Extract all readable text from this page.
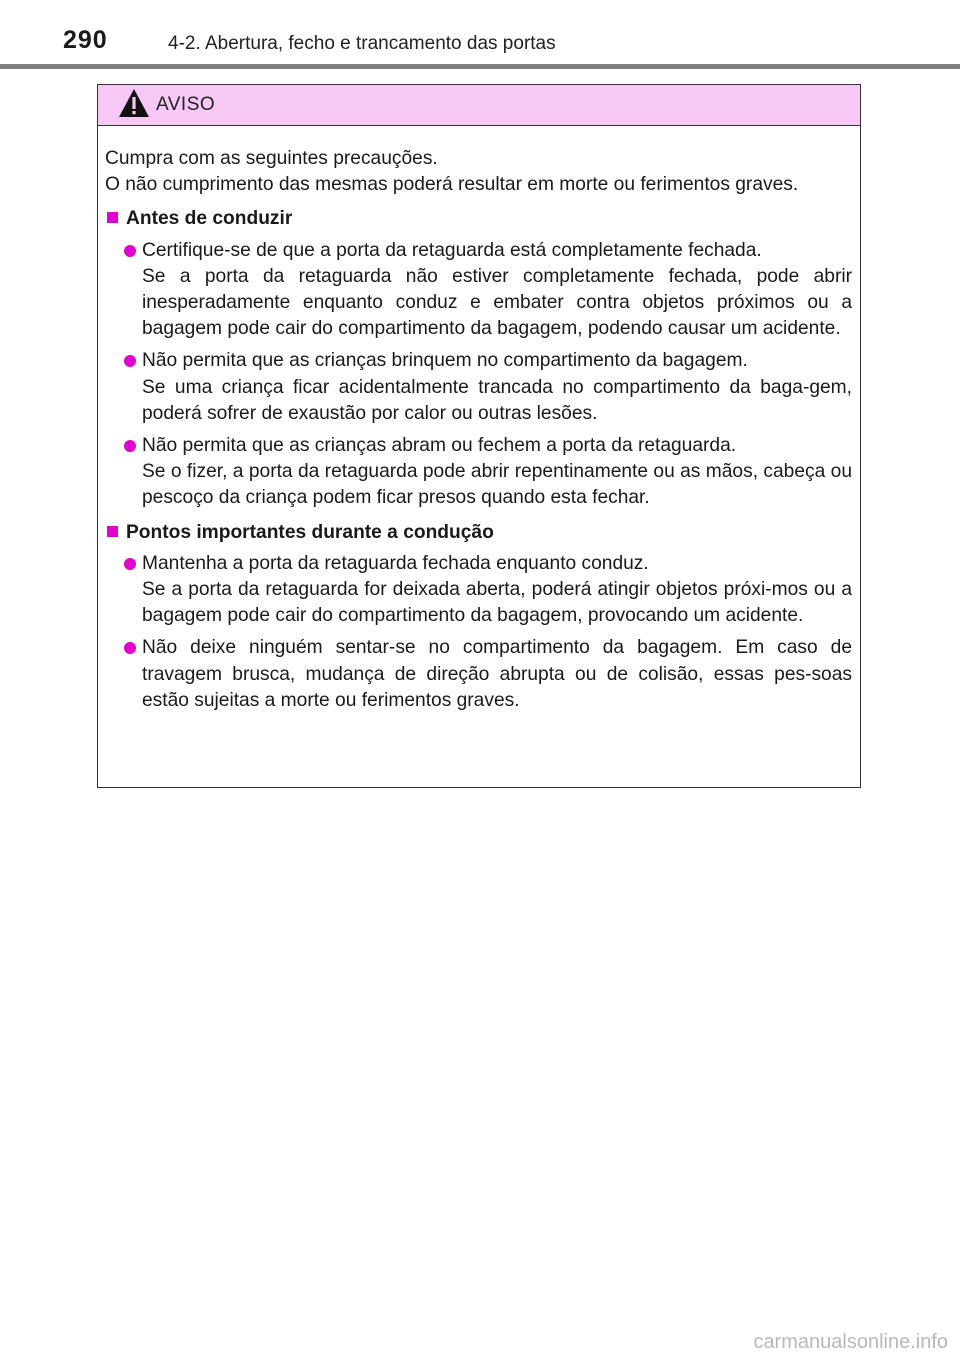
290	4-2. Abertura, fecho e trancamento das portas
AVISO

Cumpra com as seguintes precauções.

O não cumprimento das mesmas poderá resultar em morte ou ferimentos graves.

Antes de conduzir

Certifique-se de que a porta da retaguarda está completamente fechada.

Se a porta da retaguarda não estiver completamente fechada, pode abrir inesperadamente enquanto conduz e embater contra objetos próximos ou a bagagem pode cair do compartimento da bagagem, podendo causar um acidente.

Não permita que as crianças brinquem no compartimento da bagagem.

Se uma criança ficar acidentalmente trancada no compartimento da baga-gem, poderá sofrer de exaustão por calor ou outras lesões.

Não permita que as crianças abram ou fechem a porta da retaguarda.

Se o fizer, a porta da retaguarda pode abrir repentinamente ou as mãos, cabeça ou pescoço da criança podem ficar presos quando esta fechar.

Pontos importantes durante a condução

Mantenha a porta da retaguarda fechada enquanto conduz.

Se a porta da retaguarda for deixada aberta, poderá atingir objetos próxi-mos ou a bagagem pode cair do compartimento da bagagem, provocando um acidente.

Não deixe ninguém sentar-se no compartimento da bagagem. Em caso de travagem brusca, mudança de direção abrupta ou de colisão, essas pes-soas estão sujeitas a morte ou ferimentos graves.

carmanualsonline.info
